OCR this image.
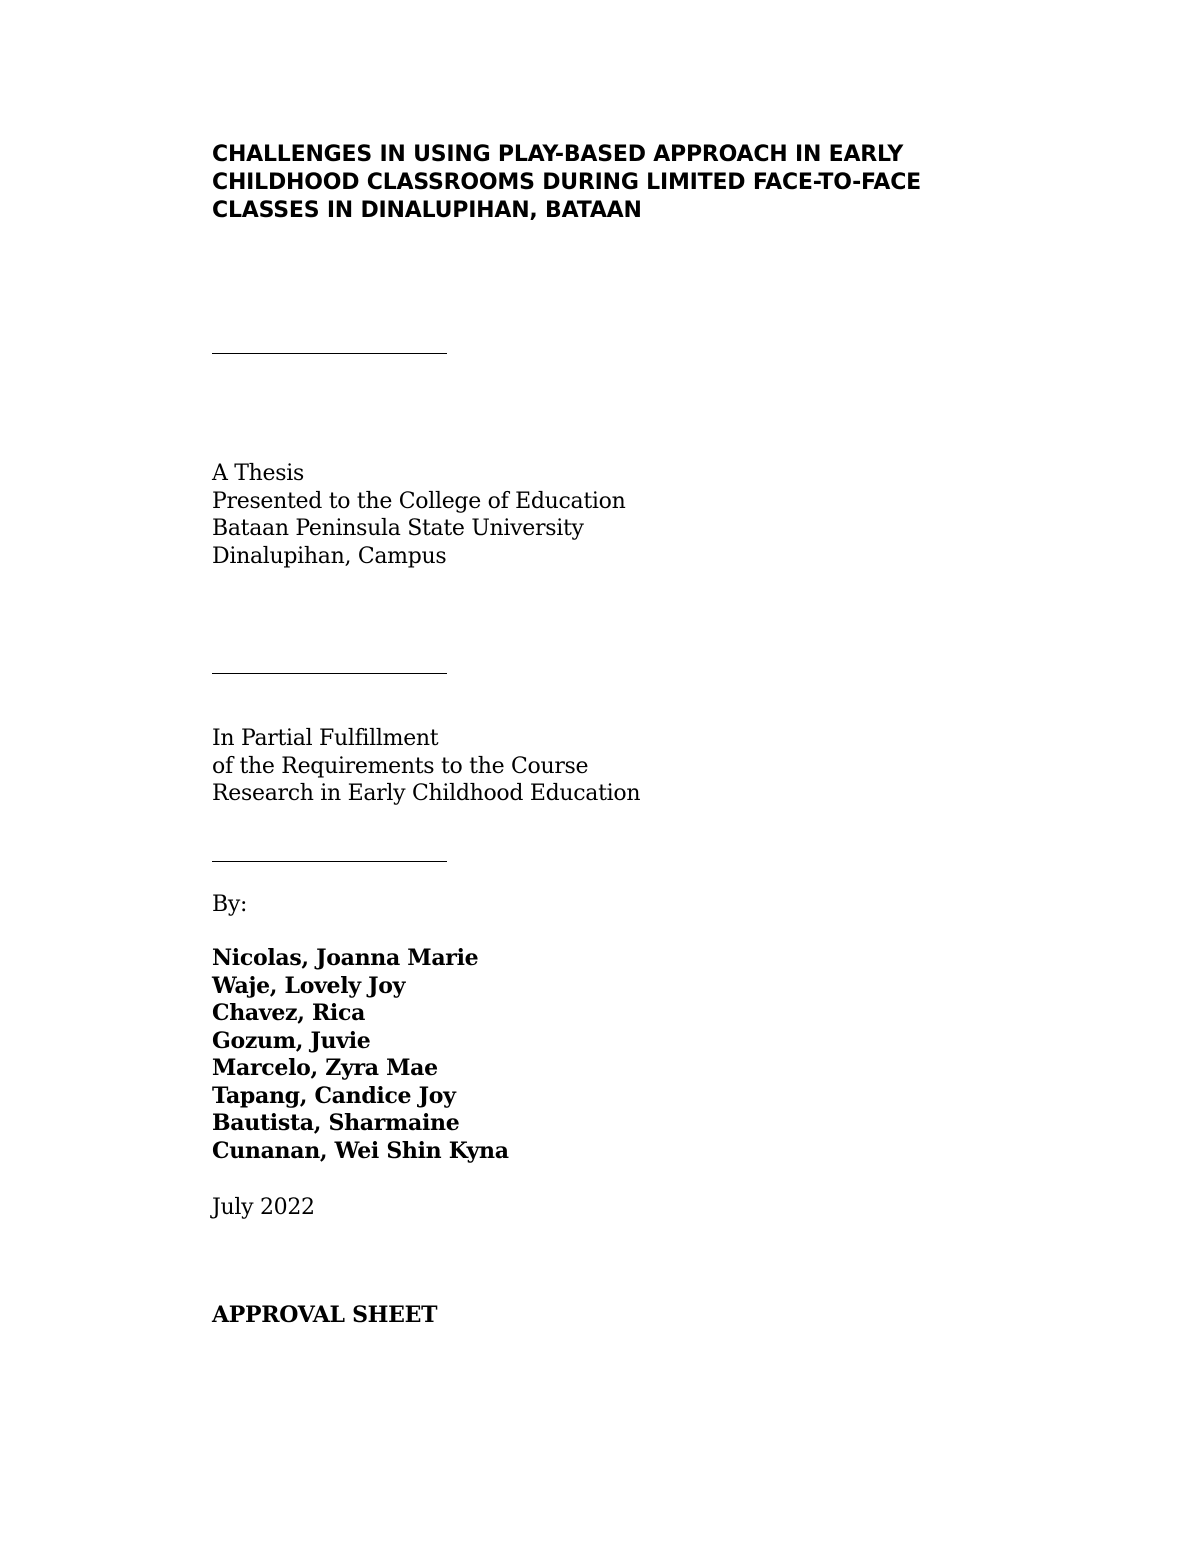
CHALLENGES IN USING PLAY-BASED APPROACH IN EARLY
CHILDHOOD CLASSROOMS DURING LIMITED FACE-TO-FACE
CLASSES IN DINALUPIHAN, BATAAN
A Thesis
Presented to the College of Education
Bataan Peninsula State University
Dinalupihan, Campus
In Partial Fulfillment
of the Requirements to the Course
Research in Early Childhood Education
By:
Nicolas, Joanna Marie
Waje, Lovely Joy
Chavez, Rica
Gozum, Juvie
Marcelo, Zyra Mae
Tapang, Candice Joy
Bautista, Sharmaine
Cunanan, Wei Shin Kyna
July 2022
APPROVAL SHEET
